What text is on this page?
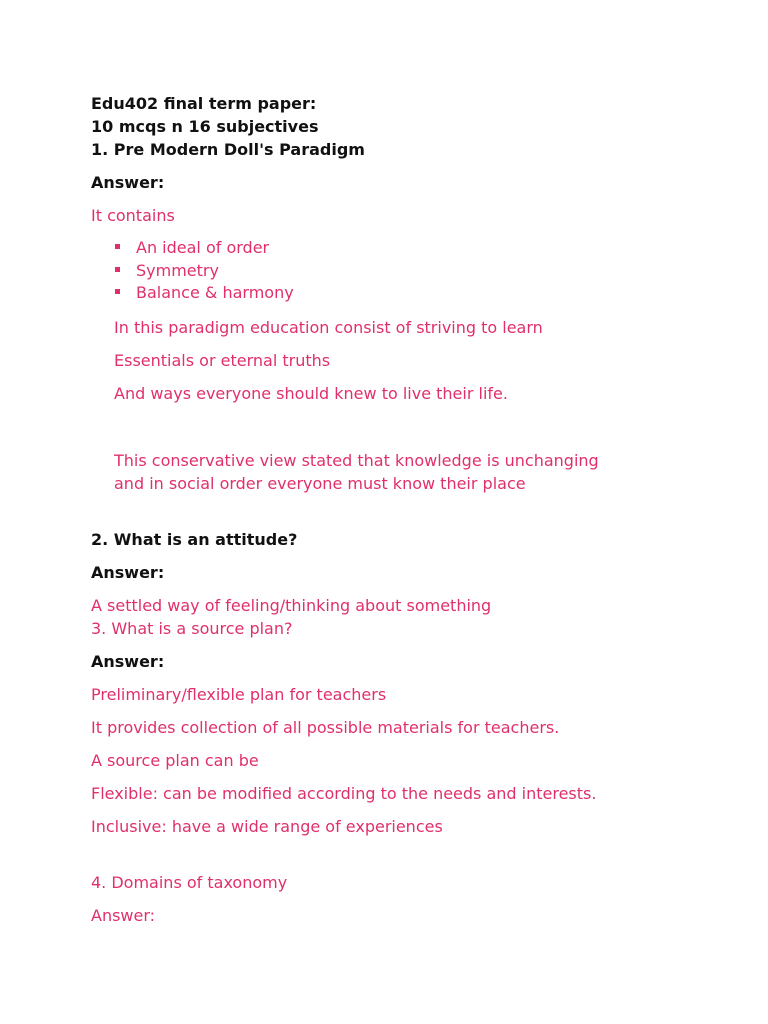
Edu402 final term paper:
10 mcqs n 16 subjectives
1. Pre Modern Doll's Paradigm
Answer:
It contains
An ideal of order
Symmetry
Balance & harmony
In this paradigm education consist of striving to learn
Essentials or eternal truths
And ways everyone should knew to live their life.
This conservative view stated that knowledge is unchanging
and in social order everyone must know their place
2. What is an attitude?
Answer:
A settled way of feeling/thinking about something
3. What is a source plan?
Answer:
Preliminary/flexible plan for teachers
It provides collection of all possible materials for teachers.
A source plan can be
Flexible: can be modified according to the needs and interests.
Inclusive: have a wide range of experiences
4. Domains of taxonomy
Answer:
